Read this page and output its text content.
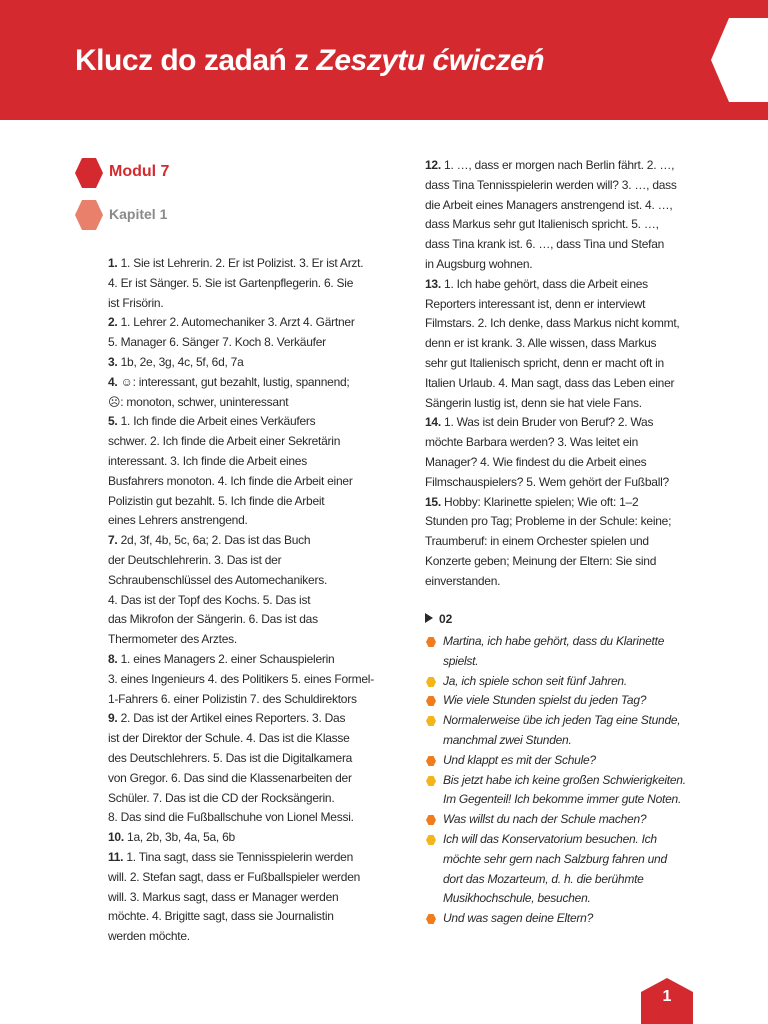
Klucz do zadań z Zeszytu ćwiczeń
Modul 7
Kapitel 1

1. 1. Sie ist Lehrerin. 2. Er ist Polizist. 3. Er ist Arzt.
4. Er ist Sänger. 5. Sie ist Gartenpflegerin. 6. Sie
ist Frisörin.

2. 1. Lehrer 2. Automechaniker 3. Arzt 4. Gärtner
5. Manager 6. Sänger 7. Koch 8. Verkäufer

3. 1b, 2e, 3g, 4c, 5f, 6d, 7a

4. ☺: interessant, gut bezahlt, lustig, spannend;
☹: monoton, schwer, uninteressant

5. 1. Ich finde die Arbeit eines Verkäufers
schwer. 2. Ich finde die Arbeit einer Sekretärin
interessant. 3. Ich finde die Arbeit eines
Busfahrers monoton. 4. Ich finde die Arbeit einer
Polizistin gut bezahlt. 5. Ich finde die Arbeit
eines Lehrers anstrengend.

7. 2d, 3f, 4b, 5c, 6a; 2. Das ist das Buch
der Deutschlehrerin. 3. Das ist der
Schraubenschlüssel des Automechanikers.
4. Das ist der Topf des Kochs. 5. Das ist
das Mikrofon der Sängerin. 6. Das ist das
Thermometer des Arztes.

8. 1. eines Managers 2. einer Schauspielerin
3. eines Ingenieurs 4. des Politikers 5. eines Formel-
1-Fahrers 6. einer Polizistin 7. des Schuldirektors

9. 2. Das ist der Artikel eines Reporters. 3. Das
ist der Direktor der Schule. 4. Das ist die Klasse
des Deutschlehrers. 5. Das ist die Digitalkamera
von Gregor. 6. Das sind die Klassenarbeiten der
Schüler. 7. Das ist die CD der Rocksängerin.
8. Das sind die Fußballschuhe von Lionel Messi.

10. 1a, 2b, 3b, 4a, 5a, 6b

11. 1. Tina sagt, dass sie Tennisspielerin werden
will. 2. Stefan sagt, dass er Fußballspieler werden
will. 3. Markus sagt, dass er Manager werden
möchte. 4. Brigitte sagt, dass sie Journalistin
werden möchte.

12. 1. …, dass er morgen nach Berlin fährt. 2. …,
dass Tina Tennisspielerin werden will? 3. …, dass
die Arbeit eines Managers anstrengend ist. 4. …,
dass Markus sehr gut Italienisch spricht. 5. …,
dass Tina krank ist. 6. …, dass Tina und Stefan
in Augsburg wohnen.

13. 1. Ich habe gehört, dass die Arbeit eines
Reporters interessant ist, denn er interviewt
Filmstars. 2. Ich denke, dass Markus nicht kommt,
denn er ist krank. 3. Alle wissen, dass Markus
sehr gut Italienisch spricht, denn er macht oft in
Italien Urlaub. 4. Man sagt, dass das Leben einer
Sängerin lustig ist, denn sie hat viele Fans.

14. 1. Was ist dein Bruder von Beruf? 2. Was
möchte Barbara werden? 3. Was leitet ein
Manager? 4. Wie findest du die Arbeit eines
Filmschauspielers? 5. Wem gehört der Fußball?

15. Hobby: Klarinette spielen; Wie oft: 1–2
Stunden pro Tag; Probleme in der Schule: keine;
Traumberuf: in einem Orchester spielen und
Konzerte geben; Meinung der Eltern: Sie sind
einverstanden.

02
Martina, ich habe gehört, dass du Klarinette
spielst.
Ja, ich spiele schon seit fünf Jahren.
Wie viele Stunden spielst du jeden Tag?
Normalerweise übe ich jeden Tag eine Stunde,
manchmal zwei Stunden.
Und klappt es mit der Schule?
Bis jetzt habe ich keine großen Schwierigkeiten.
Im Gegenteil! Ich bekomme immer gute Noten.
Was willst du nach der Schule machen?
Ich will das Konservatorium besuchen. Ich
möchte sehr gern nach Salzburg fahren und
dort das Mozarteum, d. h. die berühmte
Musikhochschule, besuchen.
Und was sagen deine Eltern?
1
